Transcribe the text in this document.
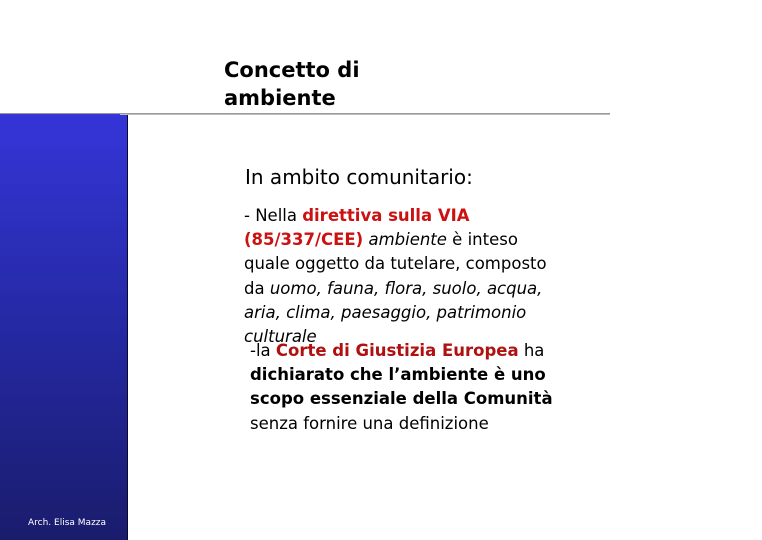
Arch. Elisa Mazza
Concetto di
ambiente
In ambito comunitario:
- Nella direttiva sulla VIA
(85/337/CEE) ambiente è inteso
quale oggetto da tutelare, composto
da uomo, fauna, flora, suolo, acqua,
aria, clima, paesaggio, patrimonio
culturale
-la Corte di Giustizia Europea ha
dichiarato che l’ambiente è uno
scopo essenziale della Comunità
senza fornire una definizione
